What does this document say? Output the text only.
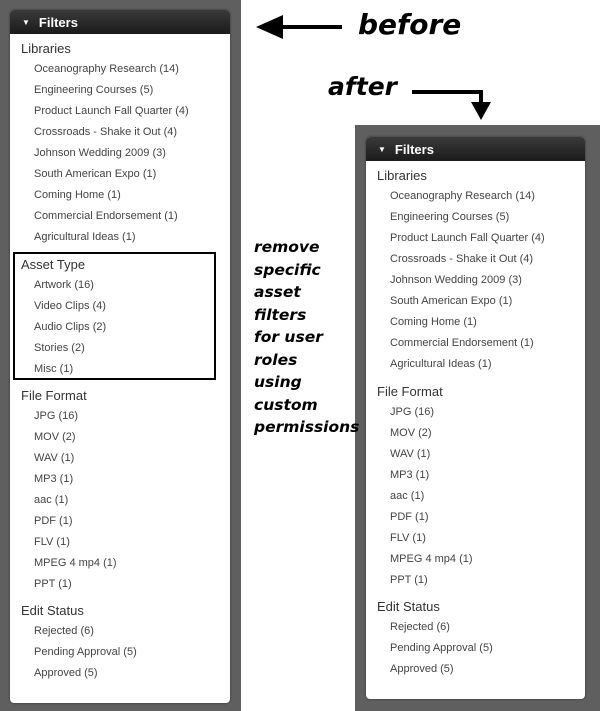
▼ Filters
Libraries
Oceanography Research (14)
Engineering Courses (5)
Product Launch Fall Quarter (4)
Crossroads - Shake it Out (4)
Johnson Wedding 2009 (3)
South American Expo (1)
Coming Home (1)
Commercial Endorsement (1)
Agricultural Ideas (1)
Asset Type
Artwork (16)
Video Clips (4)
Audio Clips (2)
Stories (2)
Misc (1)
File Format
JPG (16)
MOV (2)
WAV (1)
MP3 (1)
aac (1)
PDF (1)
FLV (1)
MPEG 4 mp4 (1)
PPT (1)
Edit Status
Rejected (6)
Pending Approval (5)
Approved (5)
▼ Filters
Libraries
Oceanography Research (14)
Engineering Courses (5)
Product Launch Fall Quarter (4)
Crossroads - Shake it Out (4)
Johnson Wedding 2009 (3)
South American Expo (1)
Coming Home (1)
Commercial Endorsement (1)
Agricultural Ideas (1)
File Format
JPG (16)
MOV (2)
WAV (1)
MP3 (1)
aac (1)
PDF (1)
FLV (1)
MPEG 4 mp4 (1)
PPT (1)
Edit Status
Rejected (6)
Pending Approval (5)
Approved (5)
before
after

remove
specific
asset
filters
for user
roles
using
custom
permissions
